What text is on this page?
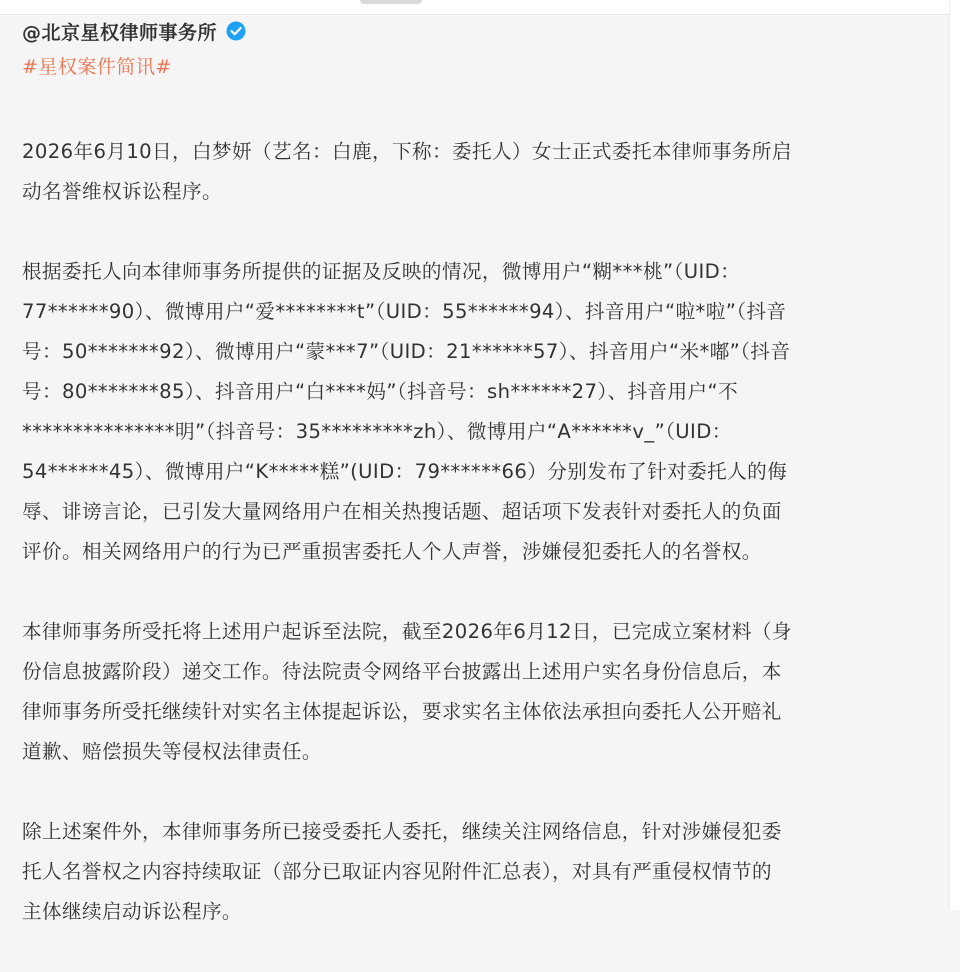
@北京星权律师事务所
#星权案件简讯#

2026年6月10日，白梦妍（艺名：白鹿，下称：委托人）女士正式委托本律师事务所启
动名誉维权诉讼程序。

根据委托人向本律师事务所提供的证据及反映的情况，微博用户“糊***桃”（UID：
77******90）、微博用户“爱********t”（UID：55******94）、抖音用户“啦*啦”（抖音
号：50*******92）、微博用户“蒙***7”（UID：21******57）、抖音用户“米*嘟”（抖音
号：80*******85）、抖音用户“白****妈”（抖音号：sh******27）、抖音用户“不
***************明”（抖音号：35*********zh）、微博用户“A******v_”（UID：
54******45）、微博用户“K*****糕”(UID：79******66）分别发布了针对委托人的侮
辱、诽谤言论，已引发大量网络用户在相关热搜话题、超话项下发表针对委托人的负面
评价。相关网络用户的行为已严重损害委托人个人声誉，涉嫌侵犯委托人的名誉权。

本律师事务所受托将上述用户起诉至法院，截至2026年6月12日，已完成立案材料（身
份信息披露阶段）递交工作。待法院责令网络平台披露出上述用户实名身份信息后，本
律师事务所受托继续针对实名主体提起诉讼，要求实名主体依法承担向委托人公开赔礼
道歉、赔偿损失等侵权法律责任。

除上述案件外，本律师事务所已接受委托人委托，继续关注网络信息，针对涉嫌侵犯委
托人名誉权之内容持续取证（部分已取证内容见附件汇总表），对具有严重侵权情节的
主体继续启动诉讼程序。
